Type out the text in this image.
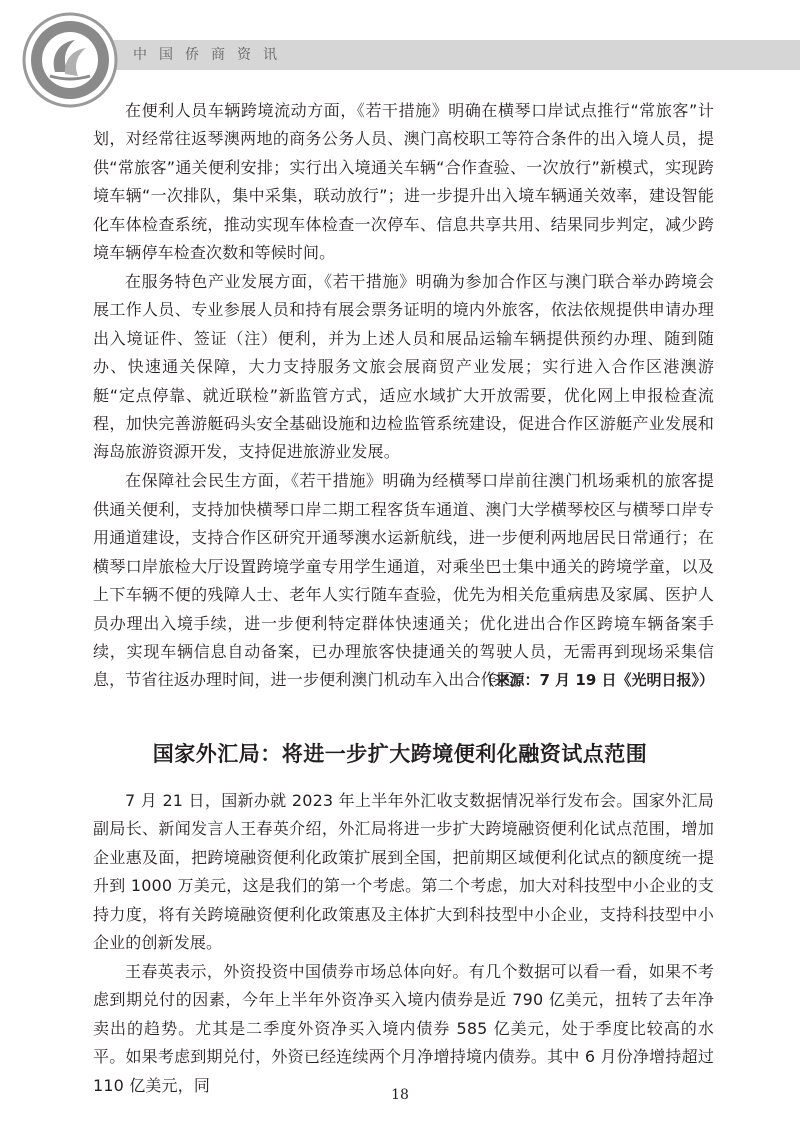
中国侨商资讯

在便利人员车辆跨境流动方面，《若干措施》明确在横琴口岸试点推行“常旅客”计划，对经常往返琴澳两地的商务公务人员、澳门高校职工等符合条件的出入境人员，提供“常旅客”通关便利安排；实行出入境通关车辆“合作查验、一次放行”新模式，实现跨境车辆“一次排队，集中采集，联动放行”；进一步提升出入境车辆通关效率，建设智能化车体检查系统，推动实现车体检查一次停车、信息共享共用、结果同步判定，减少跨境车辆停车检查次数和等候时间。

在服务特色产业发展方面，《若干措施》明确为参加合作区与澳门联合举办跨境会展工作人员、专业参展人员和持有展会票务证明的境内外旅客，依法依规提供申请办理出入境证件、签证（注）便利，并为上述人员和展品运输车辆提供预约办理、随到随办、快速通关保障，大力支持服务文旅会展商贸产业发展；实行进入合作区港澳游艇“定点停靠、就近联检”新监管方式，适应水域扩大开放需要，优化网上申报检查流程，加快完善游艇码头安全基础设施和边检监管系统建设，促进合作区游艇产业发展和海岛旅游资源开发，支持促进旅游业发展。

在保障社会民生方面，《若干措施》明确为经横琴口岸前往澳门机场乘机的旅客提供通关便利，支持加快横琴口岸二期工程客货车通道、澳门大学横琴校区与横琴口岸专用通道建设，支持合作区研究开通琴澳水运新航线，进一步便利两地居民日常通行；在横琴口岸旅检大厅设置跨境学童专用学生通道，对乘坐巴士集中通关的跨境学童，以及上下车辆不便的残障人士、老年人实行随车查验，优先为相关危重病患及家属、医护人员办理出入境手续，进一步便利特定群体快速通关；优化进出合作区跨境车辆备案手续，实现车辆信息自动备案，已办理旅客快捷通关的驾驶人员，无需再到现场采集信息，节省往返办理时间，进一步便利澳门机动车入出合作区。

（来源：7 月 19 日《光明日报》）

国家外汇局：将进一步扩大跨境便利化融资试点范围

7 月 21 日，国新办就 2023 年上半年外汇收支数据情况举行发布会。国家外汇局副局长、新闻发言人王春英介绍，外汇局将进一步扩大跨境融资便利化试点范围，增加企业惠及面，把跨境融资便利化政策扩展到全国，把前期区域便利化试点的额度统一提升到 1000 万美元，这是我们的第一个考虑。第二个考虑，加大对科技型中小企业的支持力度，将有关跨境融资便利化政策惠及主体扩大到科技型中小企业，支持科技型中小企业的创新发展。

王春英表示，外资投资中国债券市场总体向好。有几个数据可以看一看，如果不考虑到期兑付的因素，今年上半年外资净买入境内债券是近 790 亿美元，扭转了去年净卖出的趋势。尤其是二季度外资净买入境内债券 585 亿美元，处于季度比较高的水平。如果考虑到期兑付，外资已经连续两个月净增持境内债券。其中 6 月份净增持超过 110 亿美元，同

18
